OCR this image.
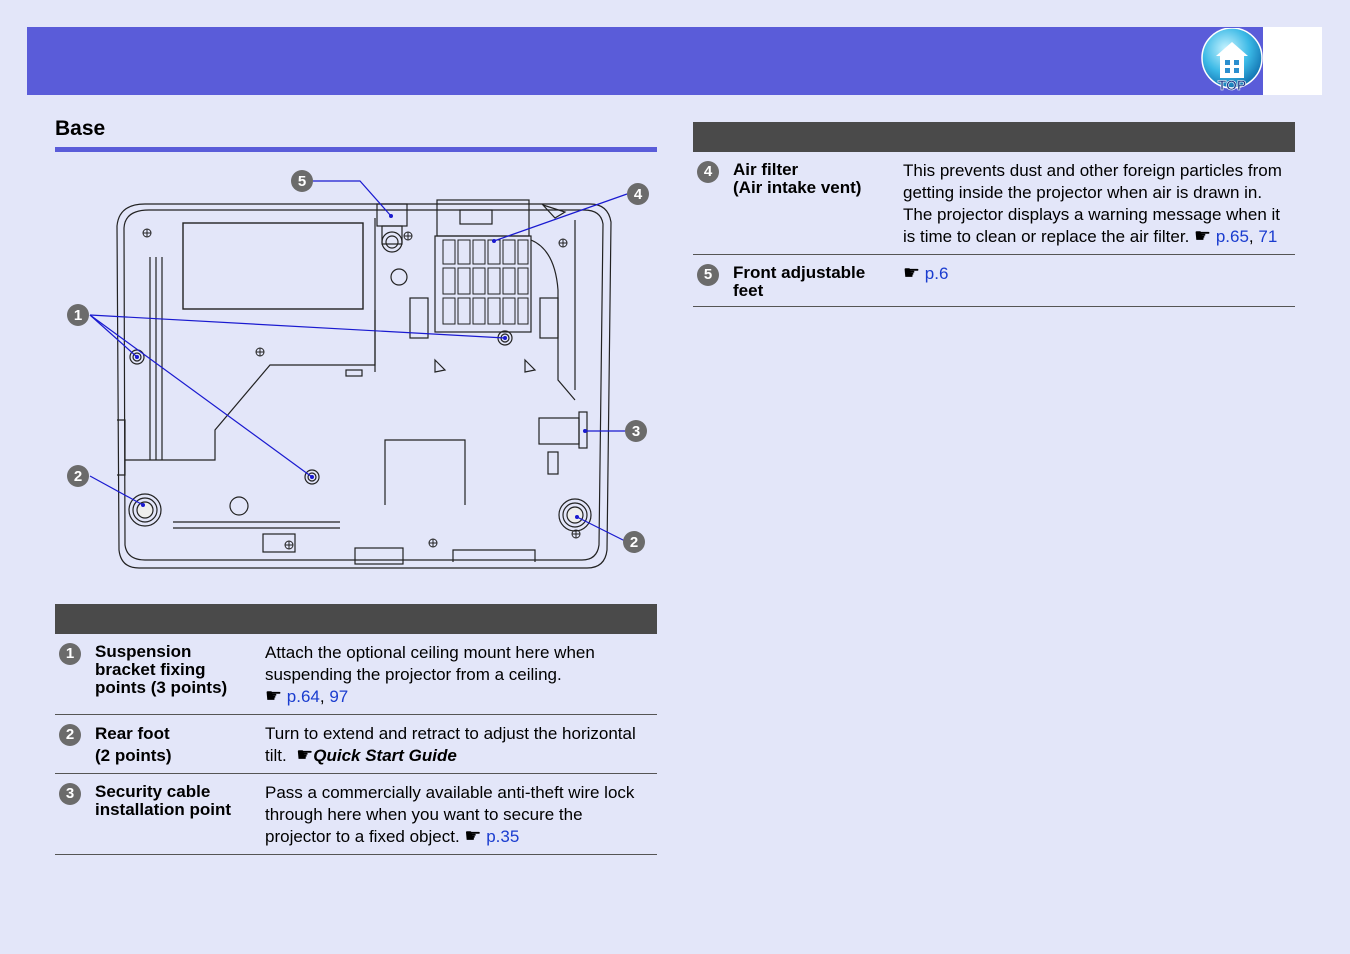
TOP
Base
1
2
2
3
4
5

1	Suspension
bracket fixing
points (3 points)	Attach the optional ceiling mount here when suspending the projector from a ceiling.
☛ p.64, 97
2	Rear foot
(2 points)	Turn to extend and retract to adjust the horizontal tilt. ☛Quick Start Guide
3	Security cable
installation point	Pass a commercially available anti-theft wire lock through here when you want to secure the projector to a fixed object. ☛ p.35

4	Air filter
(Air intake vent)	This prevents dust and other foreign particles from getting inside the projector when air is drawn in. The projector displays a warning message when it is time to clean or replace the air filter. ☛ p.65, 71
5	Front adjustable
feet	☛ p.6
